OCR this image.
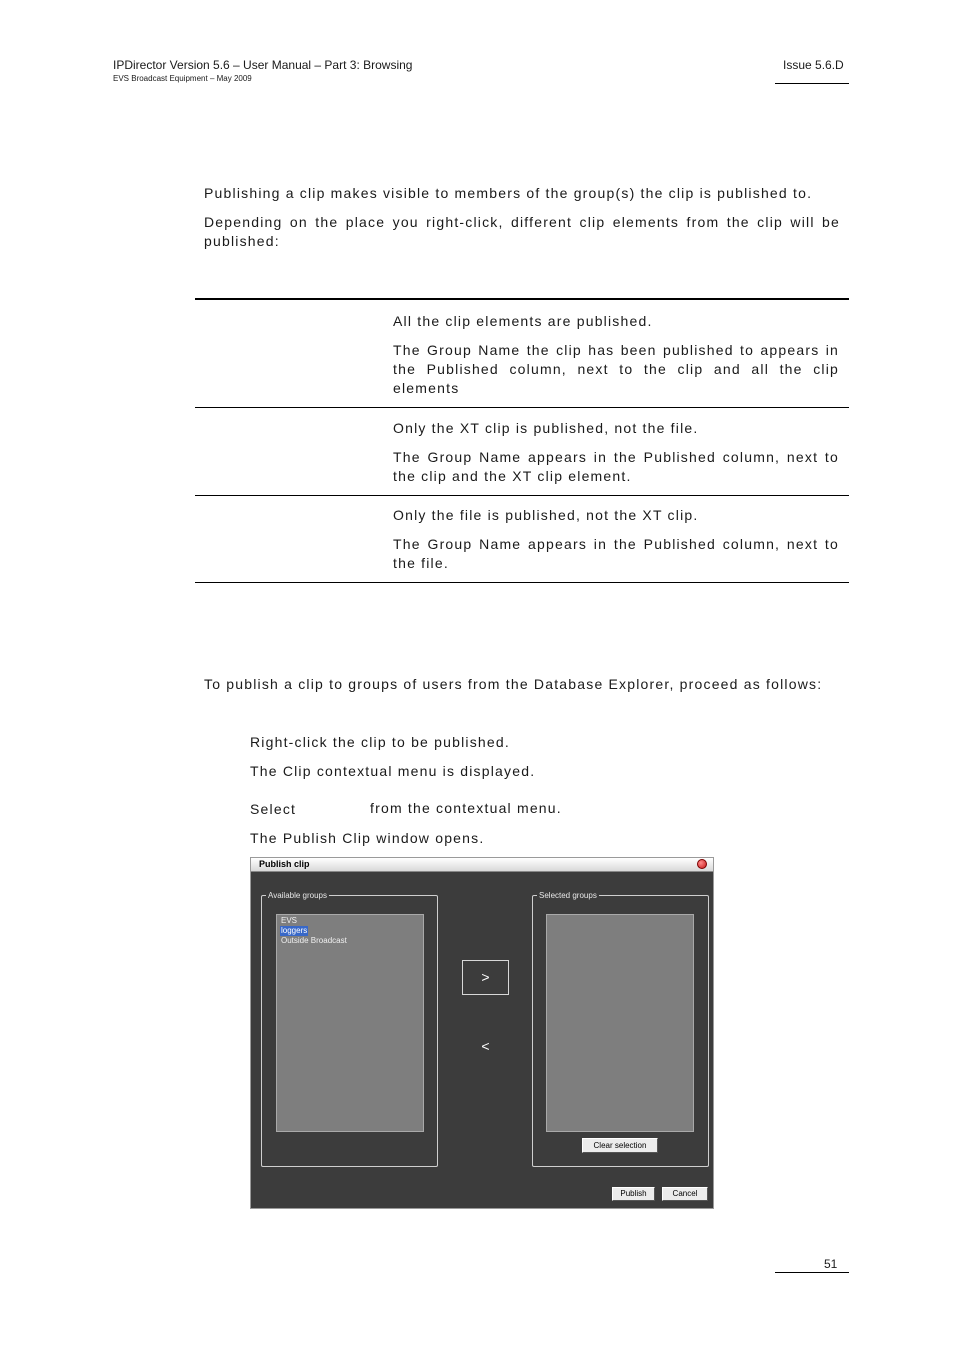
IPDirector Version 5.6 – User Manual – Part 3: Browsing
EVS Broadcast Equipment – May 2009
Issue 5.6.D
Publishing a clip makes visible to members of the group(s) the clip is published to.
Depending on the place you right-click, different clip elements from the clip will be published:
All the clip elements are published.
The Group Name the clip has been published to appears in the Published column, next to the clip and all the clip elements
Only the XT clip is published, not the file.
The Group Name appears in the Published column, next to the clip and the XT clip element.
Only the file is published, not the XT clip.
The Group Name appears in the Published column, next to the file.
To publish a clip to groups of users from the Database Explorer, proceed as follows:
Right-click the clip to be published.
The Clip contextual menu is displayed.
Select	from the contextual menu.
The Publish Clip window opens.
Publish clip
Available groups
EVS
loggers
Outside Broadcast
>
<
Selected groups
Clear selection
Publish	Cancel
51
